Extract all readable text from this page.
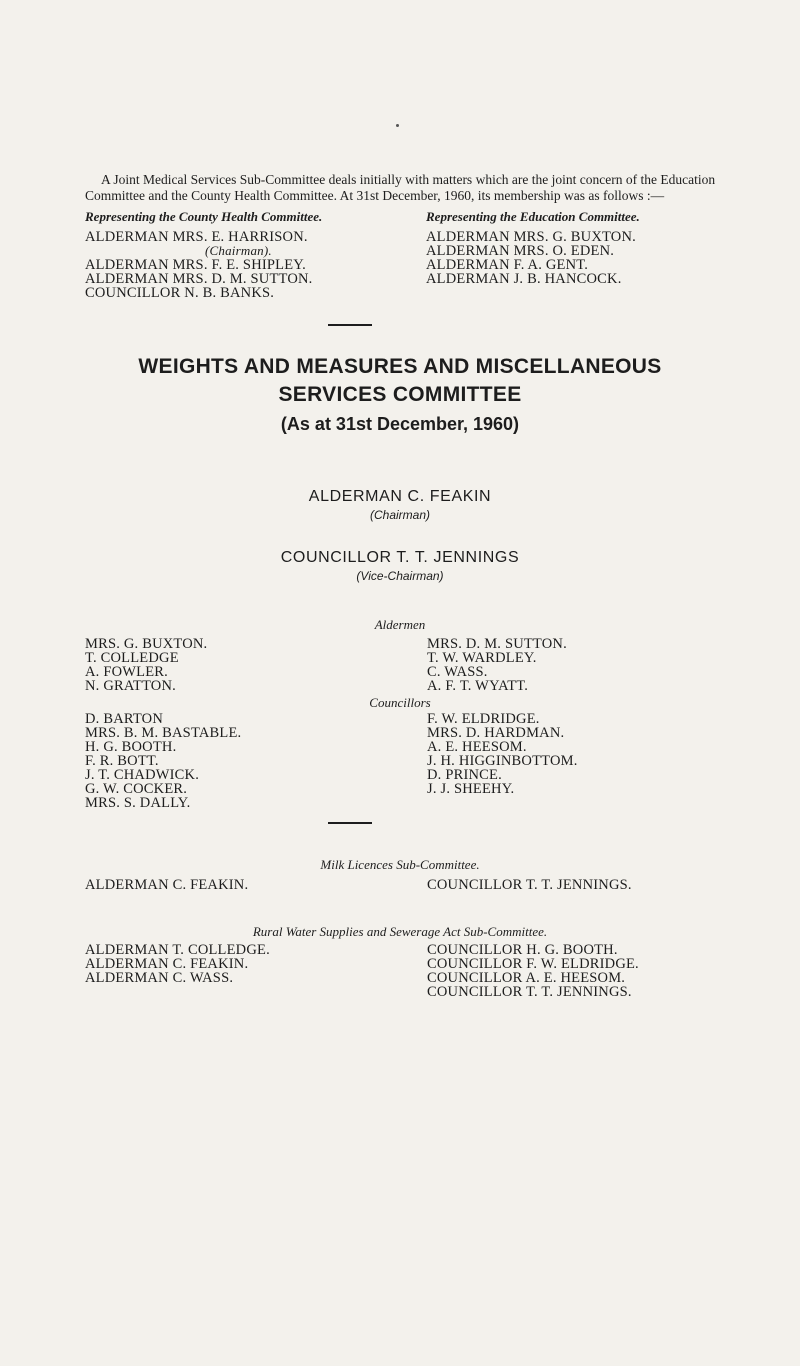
A Joint Medical Services Sub-Committee deals initially with matters which are the joint concern of the Education Committee and the County Health Committee. At 31st December, 1960, its membership was as follows :—

Representing the County Health Committee.
ALDERMAN MRS. E. HARRISON.
(Chairman).
ALDERMAN MRS. F. E. SHIPLEY.
ALDERMAN MRS. D. M. SUTTON.
COUNCILLOR N. B. BANKS.
Representing the Education Committee.
ALDERMAN MRS. G. BUXTON.
ALDERMAN MRS. O. EDEN.
ALDERMAN F. A. GENT.
ALDERMAN J. B. HANCOCK.
WEIGHTS AND MEASURES AND MISCELLANEOUS
SERVICES COMMITTEE
(As at 31st December, 1960)
ALDERMAN C. FEAKIN
(Chairman)
COUNCILLOR T. T. JENNINGS
(Vice-Chairman)
Aldermen
MRS. G. BUXTON.
T. COLLEDGE
A. FOWLER.
N. GRATTON.
MRS. D. M. SUTTON.
T. W. WARDLEY.
C. WASS.
A. F. T. WYATT.
Councillors
D. BARTON
MRS. B. M. BASTABLE.
H. G. BOOTH.
F. R. BOTT.
J. T. CHADWICK.
G. W. COCKER.
MRS. S. DALLY.
F. W. ELDRIDGE.
MRS. D. HARDMAN.
A. E. HEESOM.
J. H. HIGGINBOTTOM.
D. PRINCE.
J. J. SHEEHY.
Milk Licences Sub-Committee.
ALDERMAN C. FEAKIN.	COUNCILLOR T. T. JENNINGS.
Rural Water Supplies and Sewerage Act Sub-Committee.
ALDERMAN T. COLLEDGE.
ALDERMAN C. FEAKIN.
ALDERMAN C. WASS.
COUNCILLOR H. G. BOOTH.
COUNCILLOR F. W. ELDRIDGE.
COUNCILLOR A. E. HEESOM.
COUNCILLOR T. T. JENNINGS.
